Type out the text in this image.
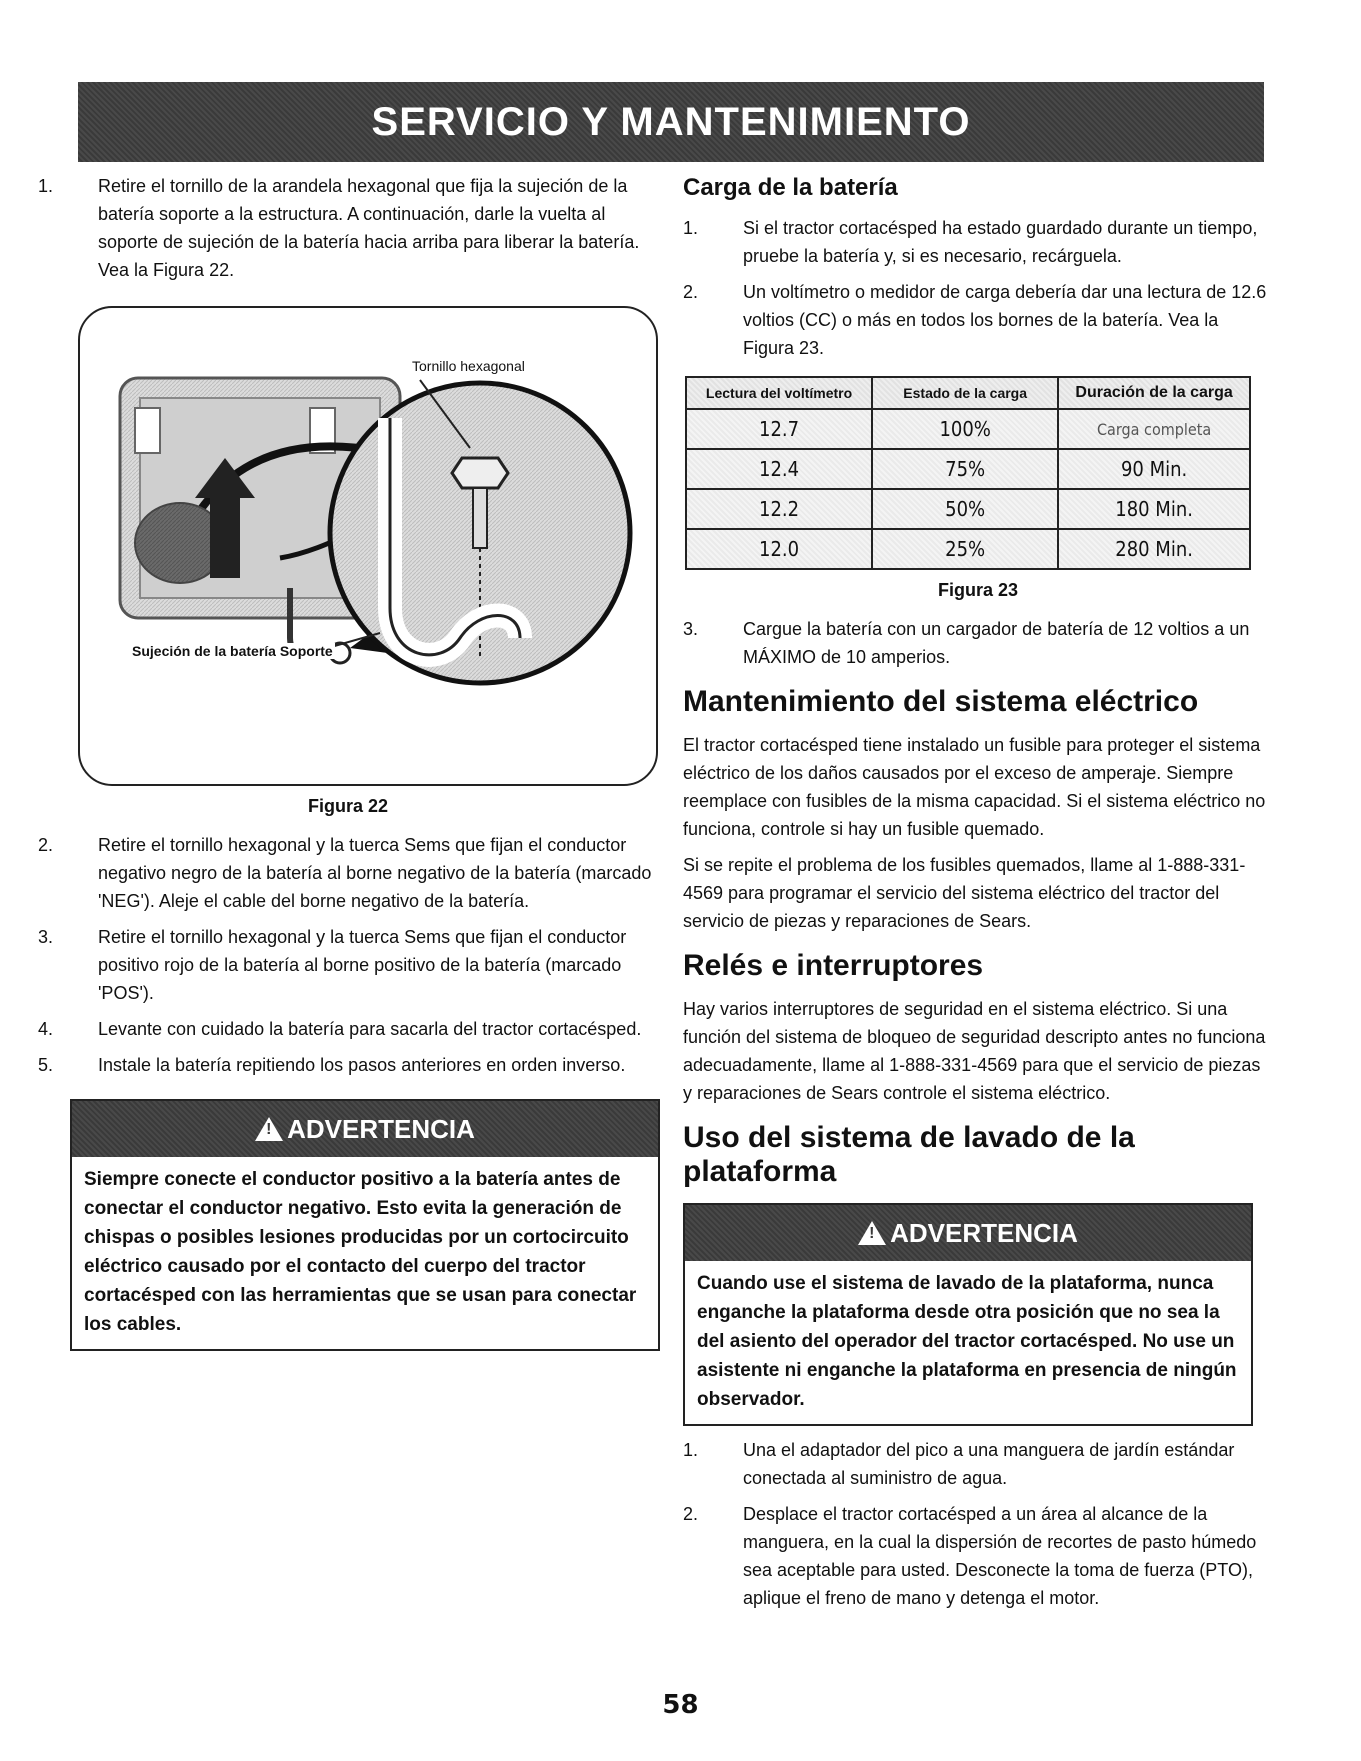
SERVICIO Y MANTENIMIENTO
1.	Retire el tornillo de la arandela hexagonal que fija la sujeción de la batería soporte a la estructura. A continuación, darle la vuelta al soporte de sujeción de la batería hacia arriba para liberar la batería. Vea la Figura 22.
Tornillo hexagonal
Sujeción de la batería Soporte
Figura 22
2.	Retire el tornillo hexagonal y la tuerca Sems que fijan el conductor negativo negro de la batería al borne negativo de la batería (marcado 'NEG'). Aleje el cable del borne negativo de la batería.
3.	Retire el tornillo hexagonal y la tuerca Sems que fijan el conductor positivo rojo de la batería al borne positivo de la batería (marcado 'POS').
4.	Levante con cuidado la batería para sacarla del tractor cortacésped.
5.	Instale la batería repitiendo los pasos anteriores en orden inverso.
!
ADVERTENCIA
Siempre conecte el conductor positivo a la batería antes de conectar el conductor negativo. Esto evita la generación de chispas o posibles lesiones producidas por un cortocircuito eléctrico causado por el contacto del cuerpo del tractor cortacésped con las herramientas que se usan para conectar los cables.
Carga de la batería
1.	Si el tractor cortacésped ha estado guardado durante un tiempo, pruebe la batería y, si es necesario, recárguela.
2.	Un voltímetro o medidor de carga debería dar una lectura de 12.6 voltios (CC) o más en todos los bornes de la batería. Vea la Figura 23.
Lectura del voltímetro	Estado de la carga	Duración de la carga
12.7	100%	Carga completa
12.4	75%	90 Min.
12.2	50%	180 Min.
12.0	25%	280 Min.
Figura 23
3.	Cargue la batería con un cargador de batería de 12 voltios a un MÁXIMO de 10 amperios.
Mantenimiento del sistema eléctrico

El tractor cortacésped tiene instalado un fusible para proteger el sistema eléctrico de los daños causados por el exceso de amperaje. Siempre reemplace con fusibles de la misma capacidad. Si el sistema eléctrico no funciona, controle si hay un fusible quemado.

Si se repite el problema de los fusibles quemados, llame al 1-888-331-4569 para programar el servicio del sistema eléctrico del tractor del servicio de piezas y reparaciones de Sears.

Relés e interruptores

Hay varios interruptores de seguridad en el sistema eléctrico. Si una función del sistema de bloqueo de seguridad descripto antes no funciona adecuadamente, llame al 1-888-331-4569 para que el servicio de piezas y reparaciones de Sears controle el sistema eléctrico.

Uso del sistema de lavado de la plataforma
!
ADVERTENCIA
Cuando use el sistema de lavado de la plataforma, nunca enganche la plataforma desde otra posición que no sea la del asiento del operador del tractor cortacésped. No use un asistente ni enganche la plataforma en presencia de ningún observador.
1.	Una el adaptador del pico a una manguera de jardín estándar conectada al suministro de agua.
2.	Desplace el tractor cortacésped a un área al alcance de la manguera, en la cual la dispersión de recortes de pasto húmedo sea aceptable para usted. Desconecte la toma de fuerza (PTO), aplique el freno de mano y detenga el motor.
58
